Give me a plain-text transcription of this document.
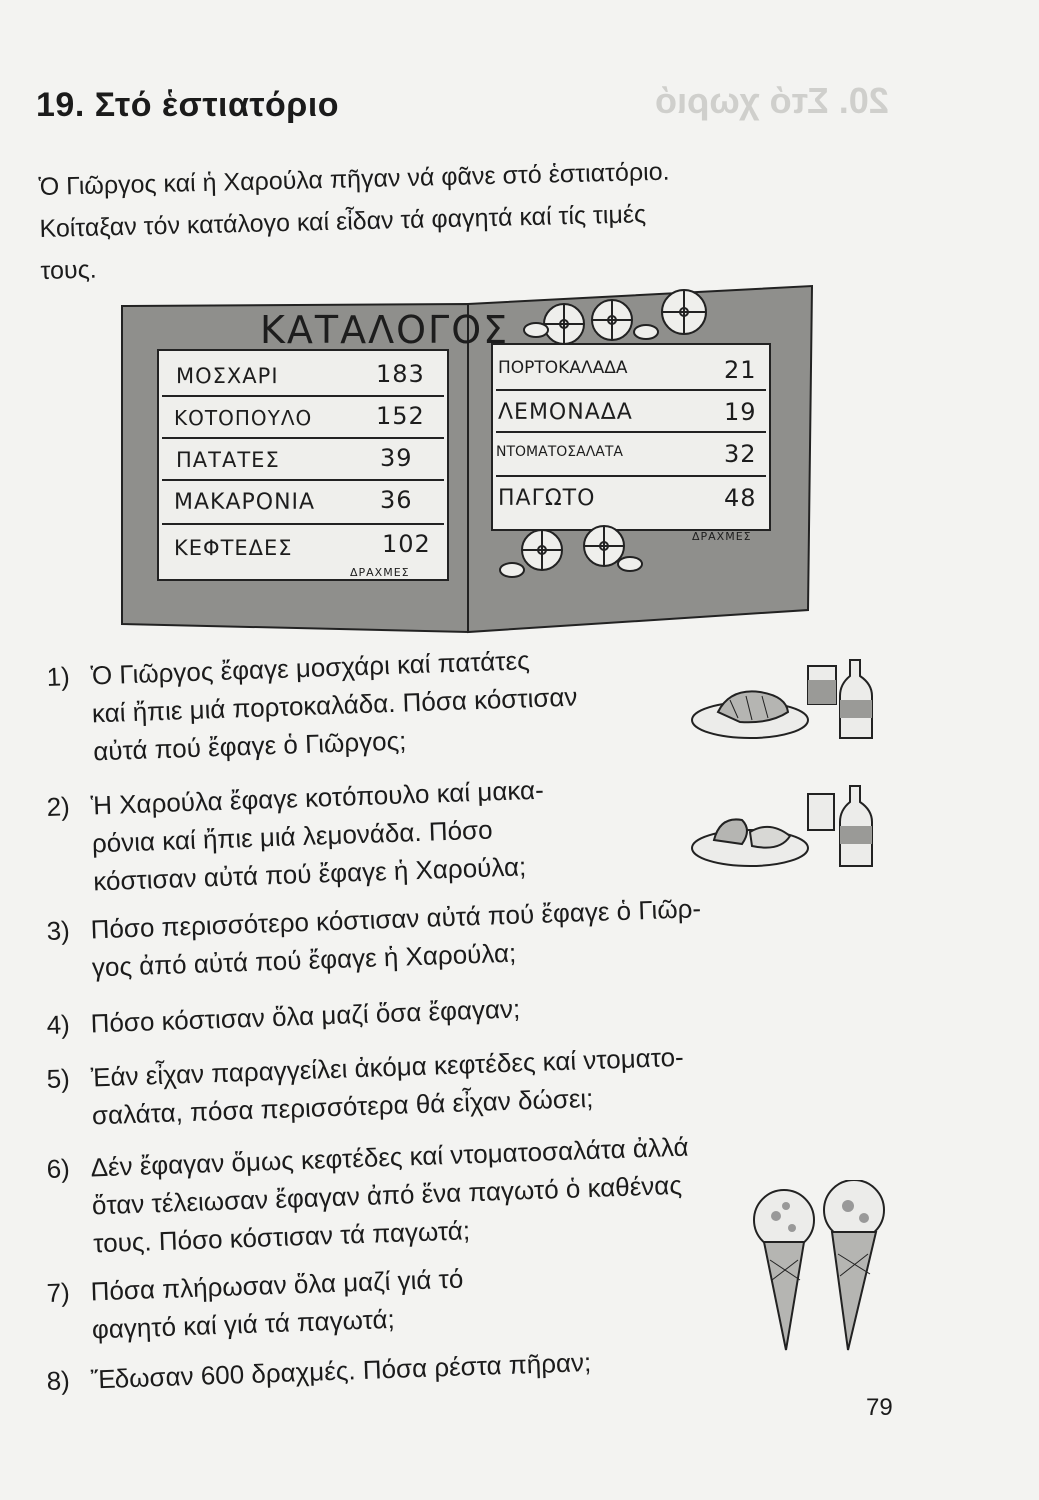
20. Στό χωριό
19. Στό ἑστιατόριο
Ὁ Γιῶργος καί ἡ Χαρούλα πῆγαν νά φᾶνε στό ἑστιατόριο.
Κοίταξαν τόν κατάλογο καί εἶδαν τά φαγητά καί τίς τιμές
τους.
ΚΑΤΑΛΟΓΟΣ
ΜΟΣΧΑΡΙ	183
ΚΟΤΟΠΟΥΛΟ	152
ΠΑΤΑΤΕΣ	39
ΜΑΚΑΡΟΝΙΑ	36
ΚΕΦΤΕΔΕΣ	102
ΔΡΑΧΜΕΣ
ΠΟΡΤΟΚΑΛΑΔΑ	21
ΛΕΜΟΝΑΔΑ	19
ΝΤΟΜΑΤΟΣΑΛΑΤΑ	32
ΠΑΓΩΤΟ	48
ΔΡΑΧΜΕΣ
1) Ὁ Γιῶργος ἔφαγε μοσχάρι καί πατάτες
καί ἤπιε μιά πορτοκαλάδα. Πόσα κόστισαν
αὐτά πού ἔφαγε ὁ Γιῶργος;
2) Ἡ Χαρούλα ἔφαγε κοτόπουλο καί μακα-
ρόνια καί ἤπιε μιά λεμονάδα. Πόσο
κόστισαν αὐτά πού ἔφαγε ἡ Χαρούλα;
3) Πόσο περισσότερο κόστισαν αὐτά πού ἔφαγε ὁ Γιῶρ-
γος ἀπό αὐτά πού ἔφαγε ἡ Χαρούλα;
4) Πόσο κόστισαν ὅλα μαζί ὅσα ἔφαγαν;
5) Ἐάν εἶχαν παραγγείλει ἀκόμα κεφτέδες καί ντοματο-
σαλάτα, πόσα περισσότερα θά εἶχαν δώσει;
6) Δέν ἔφαγαν ὅμως κεφτέδες καί ντοματοσαλάτα ἀλλά
ὅταν τέλειωσαν ἔφαγαν ἀπό ἕνα παγωτό ὁ καθένας
τους. Πόσο κόστισαν τά παγωτά;
7) Πόσα πλήρωσαν ὅλα μαζί γιά τό
φαγητό καί γιά τά παγωτά;
8) Ἔδωσαν 600 δραχμές. Πόσα ρέστα πῆραν;
79
